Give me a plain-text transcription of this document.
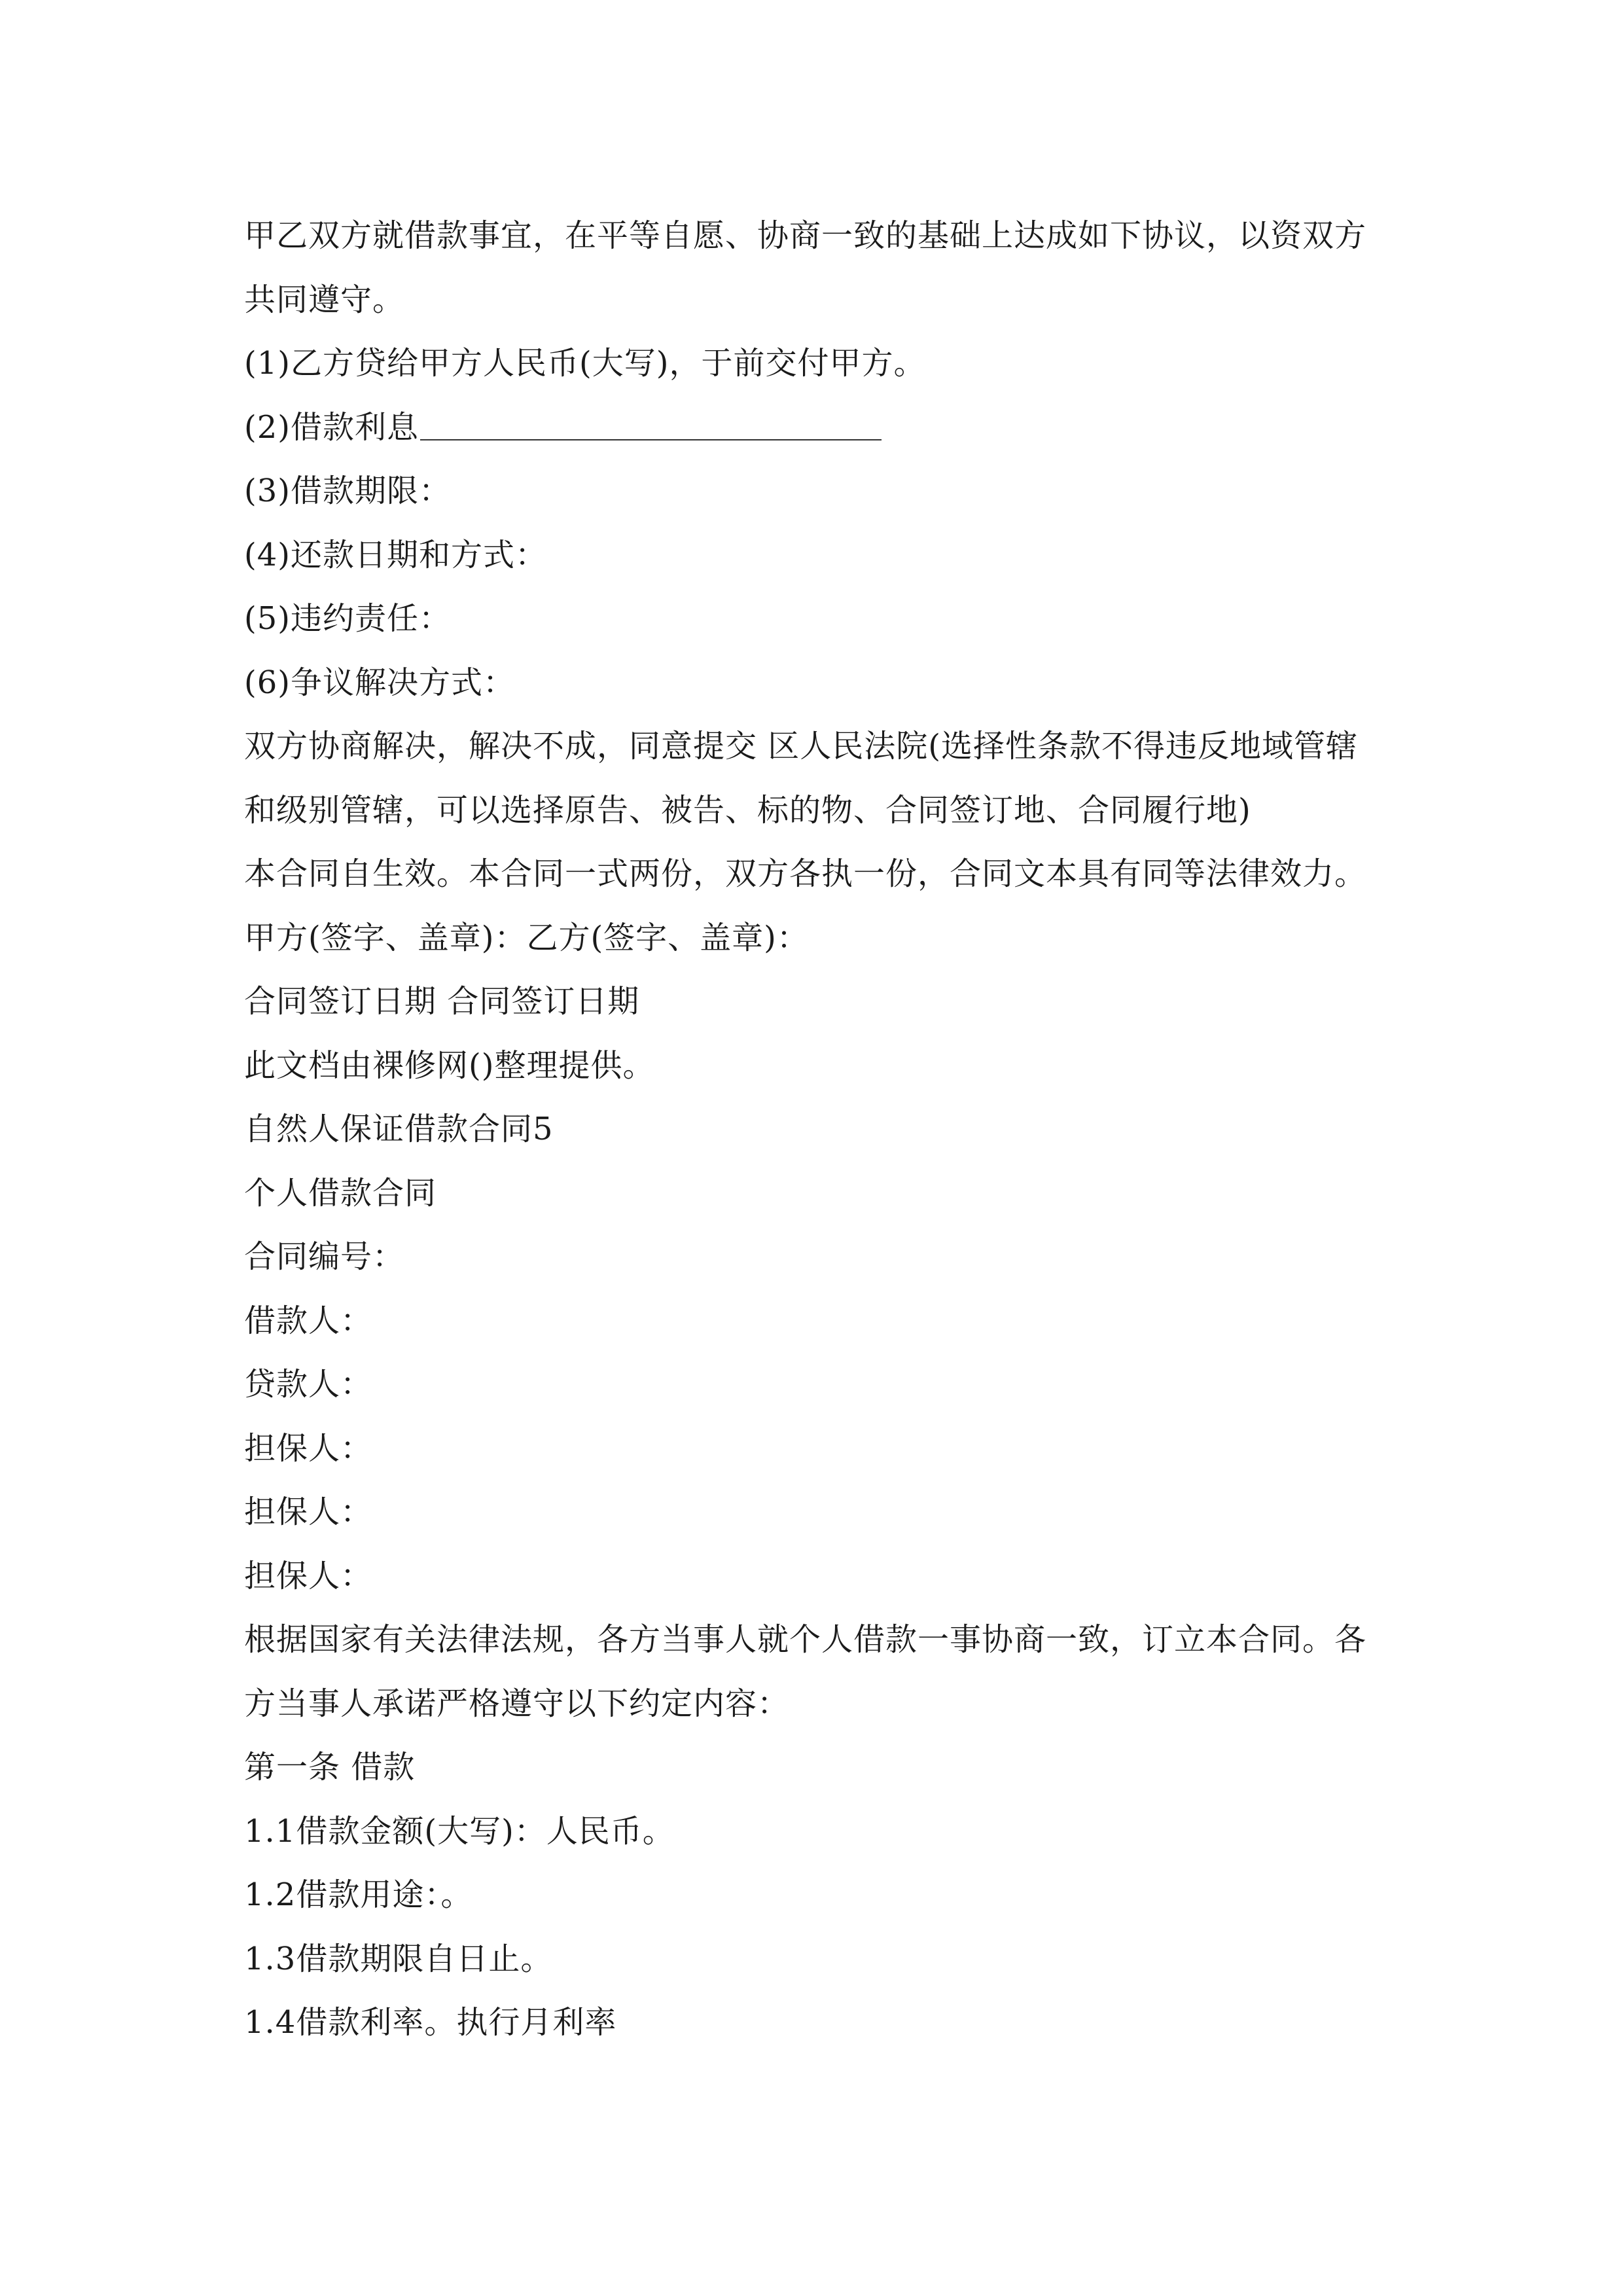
甲乙双方就借款事宜，在平等自愿、协商一致的基础上达成如下协议，以资双方
共同遵守。
(1)乙方贷给甲方人民币(大写)，于前交付甲方。
(2)借款利息
(3)借款期限：
(4)还款日期和方式：
(5)违约责任：
(6)争议解决方式：
双方协商解决，解决不成，同意提交 区人民法院(选择性条款不得违反地域管辖
和级别管辖，可以选择原告、被告、标的物、合同签订地、合同履行地)
本合同自生效。本合同一式两份，双方各执一份，合同文本具有同等法律效力。
甲方(签字、盖章)：乙方(签字、盖章)：
合同签订日期 合同签订日期
此文档由裸修网()整理提供。
自然人保证借款合同5
个人借款合同
合同编号：
借款人：
贷款人：
担保人：
担保人：
担保人：
根据国家有关法律法规，各方当事人就个人借款一事协商一致，订立本合同。各
方当事人承诺严格遵守以下约定内容：
第一条 借款
1.1借款金额(大写)：人民币。
1.2借款用途：。
1.3借款期限自日止。
1.4借款利率。执行月利率
